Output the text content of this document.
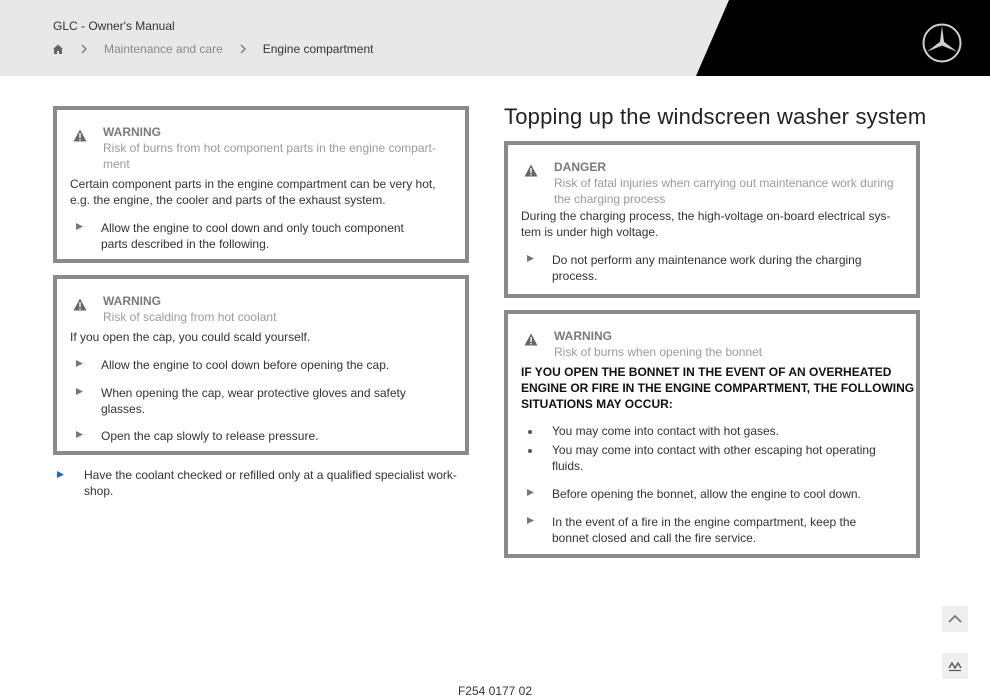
GLC - Owner's Manual
Maintenance and care	Engine compartment
WARNING
Risk of burns from hot component parts in the engine compart-
ment
Certain component parts in the engine compartment can be very hot,
e.g. the engine, the cooler and parts of the exhaust system.
Allow the engine to cool down and only touch component
parts described in the following.
WARNING
Risk of scalding from hot coolant
If you open the cap, you could scald yourself.
Allow the engine to cool down before opening the cap.
When opening the cap, wear protective gloves and safety
glasses.
Open the cap slowly to release pressure.
Have the coolant checked or refilled only at a qualified specialist work-
shop.
Topping up the windscreen washer system
DANGER
Risk of fatal injuries when carrying out maintenance work during
the charging process
During the charging process, the high-voltage on-board electrical sys-
tem is under high voltage.
Do not perform any maintenance work during the charging
process.
WARNING
Risk of burns when opening the bonnet
IF YOU OPEN THE BONNET IN THE EVENT OF AN OVERHEATED
ENGINE OR FIRE IN THE ENGINE COMPARTMENT, THE FOLLOWING
SITUATIONS MAY OCCUR:
You may come into contact with hot gases.
You may come into contact with other escaping hot operating
fluids.
Before opening the bonnet, allow the engine to cool down.
In the event of a fire in the engine compartment, keep the
bonnet closed and call the fire service.
F254 0177 02
